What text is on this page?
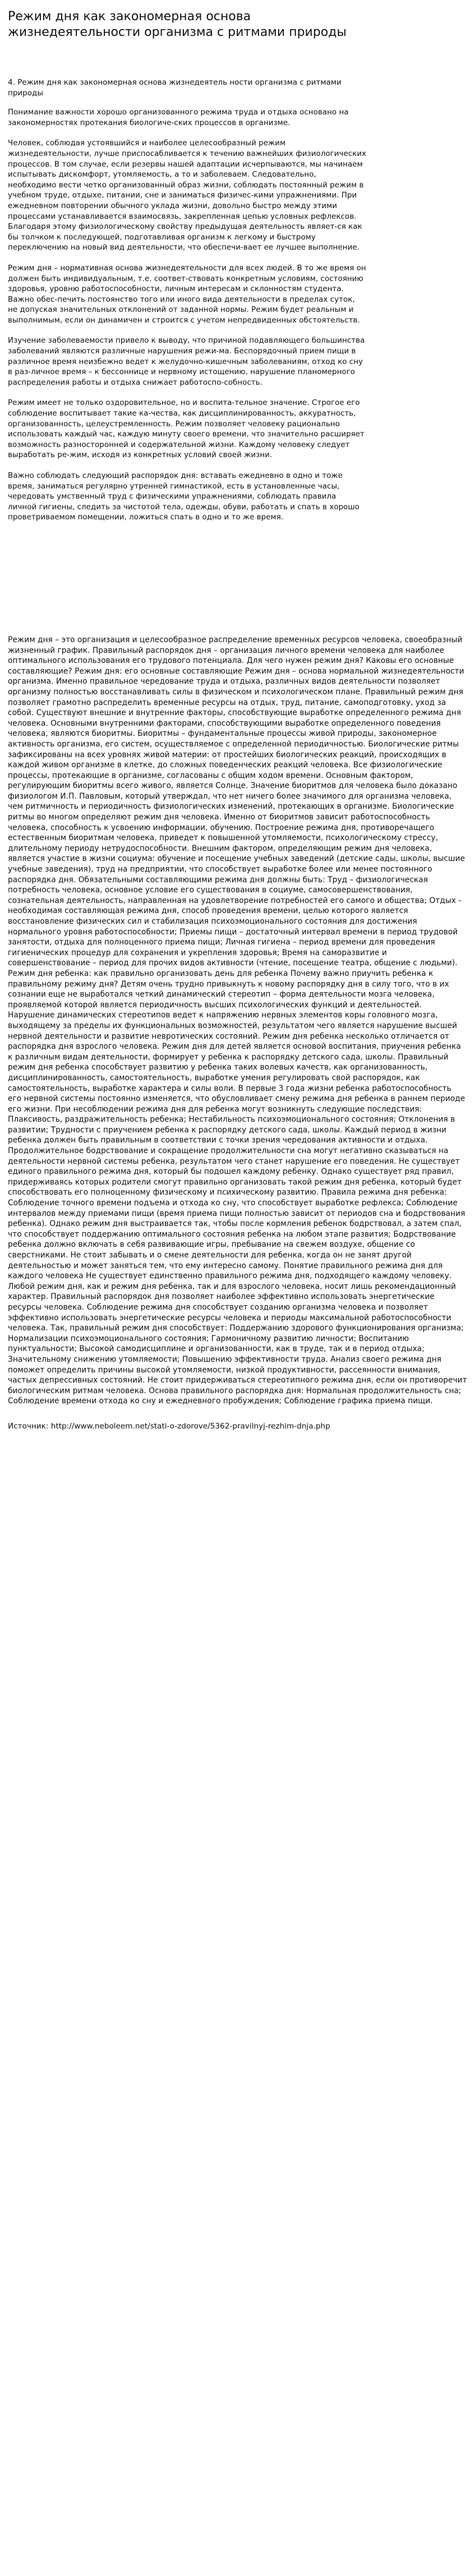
Режим дня как закономерная основа жизнедеятельности организма с ритмами природы

4. Режим дня как закономерная основа жизнедеятель ности организма с ритмами природы

Понимание важности хорошо организованного режима труда и отдыха основано на закономерностях протекания биологиче-ских процессов в организме.

Человек, соблюдая устоявшийся и наиболее целесообразный режим жизнедеятельности, лучше приспосабливается к течению важнейших физиологических процессов. В том случае, если резервы нашей адаптации исчерпываются, мы начинаем испытывать дискомфорт, утомляемость, а то и заболеваем. Следовательно, необходимо вести четко организованный образ жизни, соблюдать постоянный режим в учебном труде, отдыхе, питании, сне и заниматься физичес-кими упражнениями. При ежедневном повторении обычного уклада жизни, довольно быстро между этими процессами устанавливается взаимосвязь, закрепленная цепью условных рефлексов. Благодаря этому физиологическому свойству предыдущая деятельность являет-ся как бы толчком к последующей, подготавливая организм к легкому и быстрому переключению на новый вид деятельности, что обеспечи-вает ее лучшее выполнение.

Режим дня – нормативная основа жизнедеятельности для всех людей. В то же время он должен быть индивидуальным, т.е. соответ-ствовать конкретным условиям, состоянию здоровья, уровню работоспособности, личным интересам и склонностям студента. Важно обес-печить постоянство того или иного вида деятельности в пределах суток, не допуская значительных отклонений от заданной нормы. Режим будет реальным и выполнимым, если он динамичен и строится с учетом непредвиденных обстоятельств.

Изучение заболеваемости привело к выводу, что причиной подавляющего большинства заболеваний являются различные нарушения режи-ма. Беспорядочный прием пищи в различное время неизбежно ведет к желудочно-кишечным заболеваниям, отход ко сну в раз-личное время – к бессоннице и нервному истощению, нарушение планомерного распределения работы и отдыха снижает работоспо-собность.

Режим имеет не только оздоровительное, но и воспита-тельное значение. Строгое его соблюдение воспитывает такие ка-чества, как дисциплинированность, аккуратность, организованность, целеустремленность. Режим позволяет человеку рационально использовать каждый час, каждую минуту своего времени, что значительно расширяет возможность разносторонней и содержательной жизни. Каждому человеку следует выработать ре-жим, исходя из конкретных условий своей жизни.

Важно соблюдать следующий распорядок дня: вставать ежедневно в одно и тоже время, заниматься регулярно утренней гимнастикой, есть в установленные часы, чередовать умственный труд с физическими упражнениями, соблюдать правила личной гигиены, следить за чистотой тела, одежды, обуви, работать и спать в хорошо проветриваемом помещении, ложиться спать в одно и то же время.

Режим дня – это организация и целесообразное распределение временных ресурсов человека, своеобразный жизненный график. Правильный распорядок дня – организация личного времени человека для наиболее оптимального использования его трудового потенциала. Для чего нужен режим дня? Каковы его основные составляющие? Режим дня: его основные составляющие Режим дня – основа нормальной жизнедеятельности организма. Именно правильное чередование труда и отдыха, различных видов деятельности позволяет организму полностью восстанавливать силы в физическом и психологическом плане. Правильный режим дня позволяет грамотно распределить временные ресурсы на отдых, труд, питание, самоподготовку, уход за собой. Существуют внешние и внутренние факторы, способствующие выработке определенного режима дня человека. Основными внутренними факторами, способствующими выработке определенного поведения человека, являются биоритмы. Биоритмы – фундаментальные процессы живой природы, закономерное активность организма, его систем, осуществляемое с определенной периодичностью. Биологические ритмы зафиксированы на всех уровнях живой материи: от простейших биологических реакций, происходящих в каждой живом организме в клетке, до сложных поведенческих реакций человека. Все физиологические процессы, протекающие в организме, согласованы с общим ходом времени. Основным фактором, регулирующим биоритмы всего живого, является Солнце. Значение биоритмов для человека было доказано физиологом И.П. Павловым, который утверждал, что нет ничего более значимого для организма человека, чем ритмичность и периодичность физиологических изменений, протекающих в организме. Биологические ритмы во многом определяют режим дня человека. Именно от биоритмов зависит работоспособность человека, способность к усвоению информации, обучению. Построение режима дня, противоречащего естественным биоритмам человека, приведет к повышенной утомляемости, психологическому стрессу, длительному периоду нетрудоспособности. Внешним фактором, определяющим режим дня человека, является участие в жизни социума: обучение и посещение учебных заведений (детские сады, школы, высшие учебные заведения), труд на предприятии, что способствует выработке более или менее постоянного распорядка дня. Обязательными составляющими режима дня должны быть: Труд – физиологическая потребность человека, основное условие его существования в социуме, самосовершенствования, сознательная деятельность, направленная на удовлетворение потребностей его самого и общества; Отдых - необходимая составляющая режима дня, способ проведения времени, целью которого является восстановление физических сил и стабилизация психоэмоционального состояния для достижения нормального уровня работоспособности; Приемы пищи – достаточный интервал времени в период трудовой занятости, отдыха для полноценного приема пищи; Личная гигиена – период времени для проведения гигиенических процедур для сохранения и укрепления здоровья; Время на саморазвитие и совершенствование – период для прочих видов активности (чтение, посещение театра, общение с людьми). Режим дня ребенка: как правильно организовать день для ребенка Почему важно приучить ребенка к правильному режиму дня? Детям очень трудно привыкнуть к новому распорядку дня в силу того, что в их сознании еще не выработался четкий динамический стереотип – форма деятельности мозга человека, проявляемой которой является периодичность высших психологических функций и деятельностей. Нарушение динамических стереотипов ведет к напряжению нервных элементов коры головного мозга, выходящему за пределы их функциональных возможностей, результатом чего является нарушение высшей нервной деятельности и развитие невротических состояний. Режим дня ребенка несколько отличается от распорядка дня взрослого человека. Режим дня для детей является основой воспитания, приучения ребенка к различным видам деятельности, формирует у ребенка к распорядку детского сада, школы. Правильный режим дня ребенка способствует развитию у ребенка таких волевых качеств, как организованность, дисциплинированность, самостоятельность, выработке умения регулировать свой распорядок, как самостоятельность, выработке характера и силы воли. В первые 3 года жизни ребенка работоспособность его нервной системы постоянно изменяется, что обусловливает смену режима дня ребенка в раннем периоде его жизни. При несоблюдении режима дня для ребенка могут возникнуть следующие последствия: Плаксивость, раздражительность ребенка; Нестабильность психоэмоционального состояния; Отклонения в развитии; Трудности с приучением ребенка к распорядку детского сада, школы. Каждый период в жизни ребенка должен быть правильным в соответствии с точки зрения чередования активности и отдыха. Продолжительное бодрствование и сокращение продолжительности сна могут негативно сказываться на деятельности нервной системы ребенка, результатом чего станет нарушение его поведения. Не существует единого правильного режима дня, который бы подошел каждому ребенку. Однако существует ряд правил, придерживаясь которых родители смогут правильно организовать такой режим дня ребенка, который будет способствовать его полноценному физическому и психическому развитию. Правила режима дня ребенка: Соблюдение точного времени подъема и отхода ко сну, что способствует выработке рефлекса; Соблюдение интервалов между приемами пищи (время приема пищи полностью зависит от периодов сна и бодрствования ребенка). Однако режим дня выстраивается так, чтобы после кормления ребенок бодрствовал, а затем спал, что способствует поддержанию оптимального состояния ребенка на любом этапе развития; Бодрствование ребенка должно включать в себя развивающие игры, пребывание на свежем воздухе, общение со сверстниками. Не стоит забывать и о смене деятельности для ребенка, когда он не занят другой деятельностью и может заняться тем, что ему интересно самому. Понятие правильного режима дня для каждого человека Не существует единственно правильного режима дня, подходящего каждому человеку. Любой режим дня, как и режим дня ребенка, так и для взрослого человека, носит лишь рекомендационный характер. Правильный распорядок дня позволяет наиболее эффективно использовать энергетические ресурсы человека. Соблюдение режима дня способствует созданию организма человека и позволяет эффективно использовать энергетические ресурсы человека и периоды максимальной работоспособности человека. Так, правильный режим дня способствует: Поддержанию здорового функционирования организма; Нормализации психоэмоционального состояния; Гармоничному развитию личности; Воспитанию пунктуальности; Высокой самодисциплине и организованности, как в труде, так и в период отдыха; Значительному снижению утомляемости; Повышению эффективности труда. Анализ своего режима дня поможет определить причины высокой утомляемости, низкой продуктивности, рассеянности внимания, частых депрессивных состояний. Не стоит придерживаться стереотипного режима дня, если он противоречит биологическим ритмам человека. Основа правильного распорядка дня: Нормальная продолжительность сна; Соблюдение времени отхода ко сну и ежедневного пробуждения; Соблюдение графика приема пищи.

Источник: http://www.neboleem.net/stati-o-zdorove/5362-pravilnyj-rezhim-dnja.php
